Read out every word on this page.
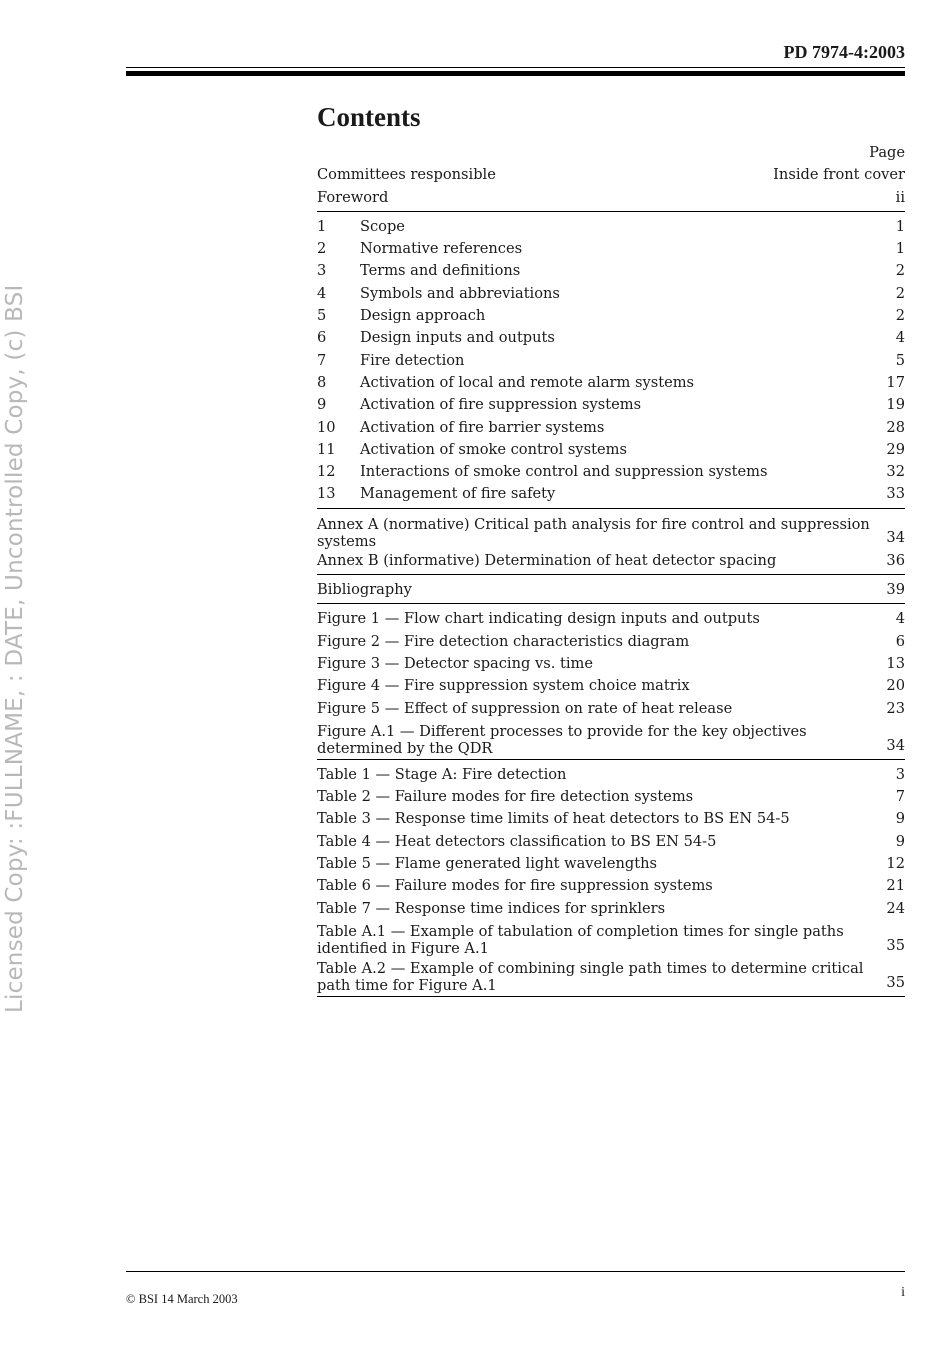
PD 7974-4:2003
Licensed Copy: :FULLNAME, : DATE, Uncontrolled Copy, (c) BSI
Contents
Page
Committees responsible	Inside front cover
Foreword	ii
1	Scope	1
2	Normative references	1
3	Terms and definitions	2
4	Symbols and abbreviations	2
5	Design approach	2
6	Design inputs and outputs	4
7	Fire detection	5
8	Activation of local and remote alarm systems	17
9	Activation of fire suppression systems	19
10	Activation of fire barrier systems	28
11	Activation of smoke control systems	29
12	Interactions of smoke control and suppression systems	32
13	Management of fire safety	33
Annex A (normative) Critical path analysis for fire control and suppression systems	34
Annex B (informative) Determination of heat detector spacing	36
Bibliography	39
Figure 1 — Flow chart indicating design inputs and outputs	4
Figure 2 — Fire detection characteristics diagram	6
Figure 3 — Detector spacing vs. time	13
Figure 4 — Fire suppression system choice matrix	20
Figure 5 — Effect of suppression on rate of heat release	23
Figure A.1 — Different processes to provide for the key objectives determined by the QDR	34
Table 1 — Stage A: Fire detection	3
Table 2 — Failure modes for fire detection systems	7
Table 3 — Response time limits of heat detectors to BS EN 54-5	9
Table 4 — Heat detectors classification to BS EN 54-5	9
Table 5 — Flame generated light wavelengths	12
Table 6 — Failure modes for fire suppression systems	21
Table 7 — Response time indices for sprinklers	24
Table A.1 — Example of tabulation of completion times for single paths identified in Figure A.1	35
Table A.2 — Example of combining single path times to determine critical path time for Figure A.1	35
© BSI 14 March 2003	i
